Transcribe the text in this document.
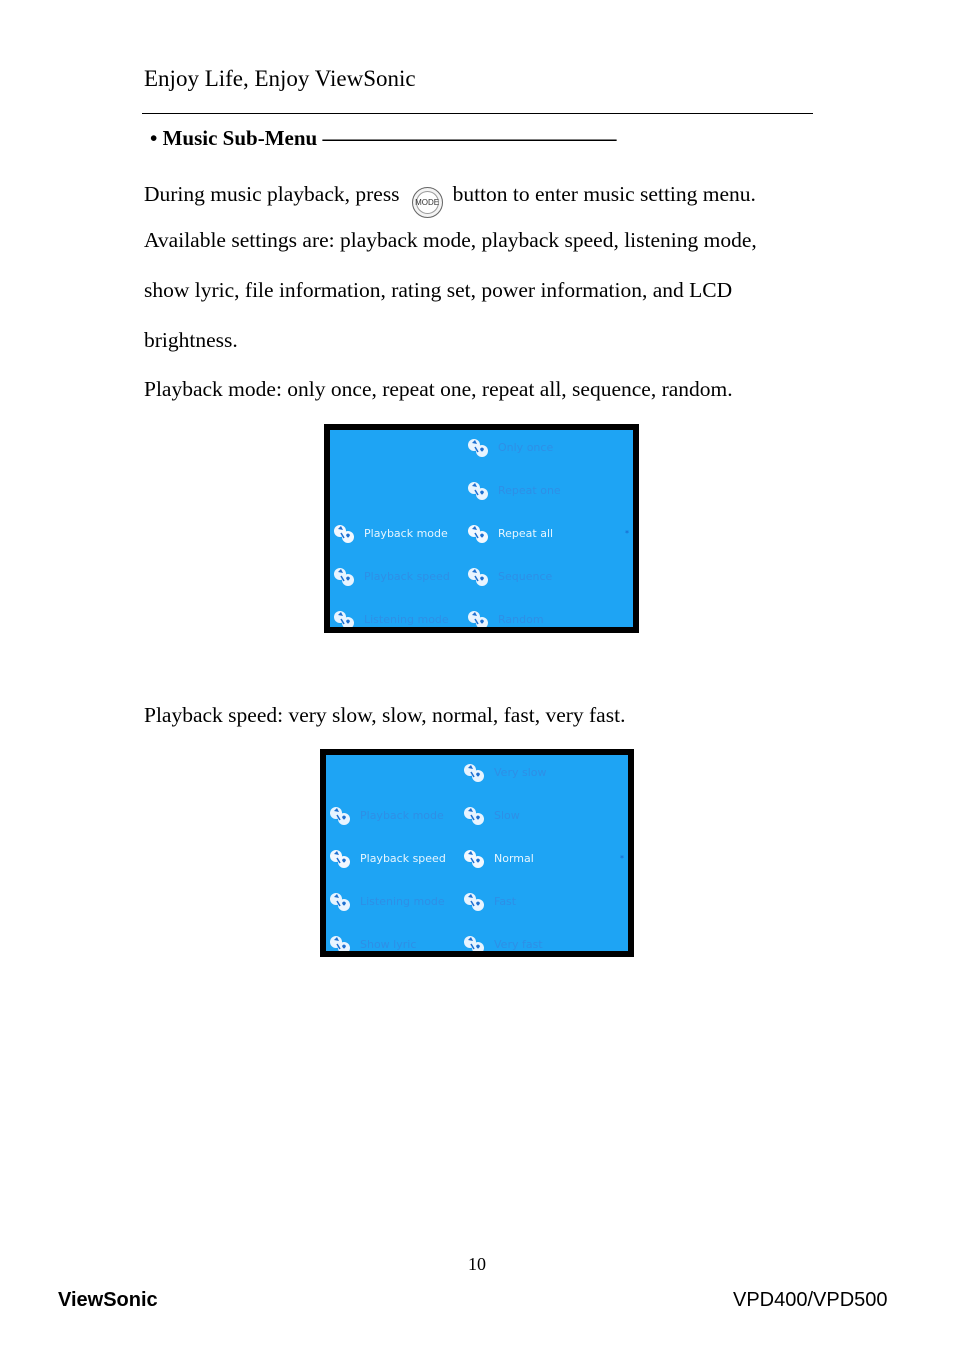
Enjoy Life, Enjoy ViewSonic
• Music Sub-Menu ——————————————
During music playback, press MODE button to enter music setting menu.
Available settings are: playback mode, playback speed, listening mode,
show lyric, file information, rating set, power information, and LCD
brightness.
Playback mode: only once, repeat one, repeat all, sequence, random.
Playback mode
Playback speed
Listening mode
Only once
Repeat one
Repeat all
Sequence
Random
*
Playback speed: very slow, slow, normal, fast, very fast.
Playback mode
Playback speed
Listening mode
Show lyric
Very slow
Slow
Normal
Fast
Very fast
*
10
ViewSonic	VPD400/VPD500
